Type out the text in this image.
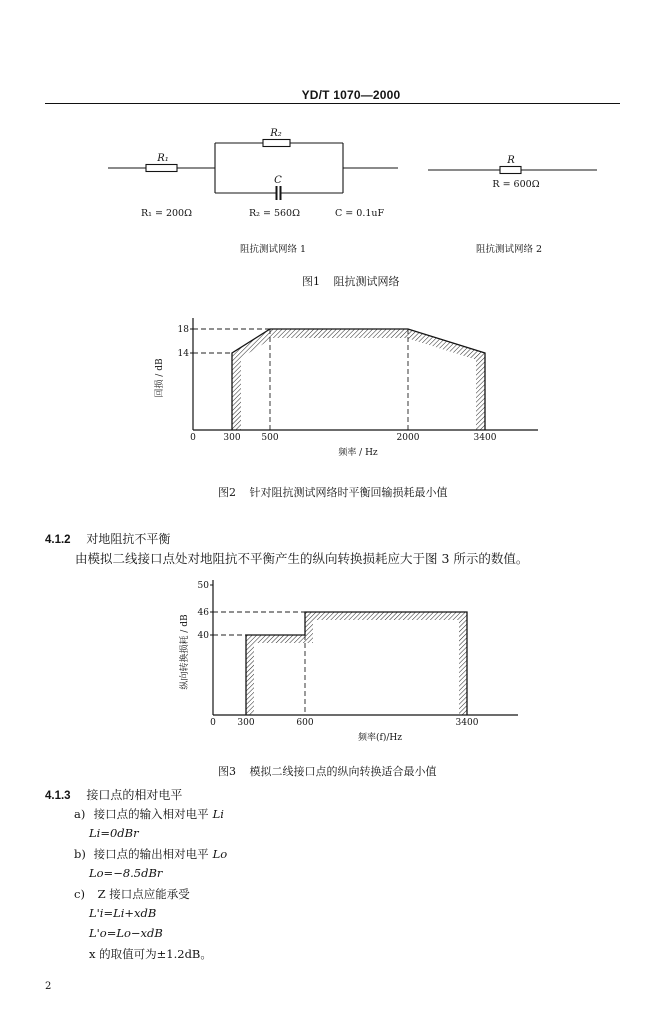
YD/T 1070—2000
R₁
R₂
C
R₁ = 200Ω	R₂ = 560Ω	C = 0.1uF
R
R = 600Ω
阻抗测试网络 1	阻抗测试网络 2
图1 阻抗测试网络
0	300 500	2000	3400
14
18
回损 / dB
频率 / Hz
图2 针对阻抗测试网络时平衡回输损耗最小值
4.1.2 对地阻抗不平衡
由模拟二线接口点处对地阻抗不平衡产生的纵向转换损耗应大于图 3 所示的数值。
0 300	600	3400
40
46
50
纵向转换损耗 / dB
频率(f)/Hz
图3 模拟二线接口点的纵向转换适合最小值
4.1.3 接口点的相对电平
a) 接口点的输入相对电平 Li
Li=0dBr
b) 接口点的输出相对电平 Lo
Lo=−8.5dBr
c) Z 接口点应能承受
L'i=Li+xdB
L'o=Lo−xdB
x 的取值可为±1.2dB。
2
